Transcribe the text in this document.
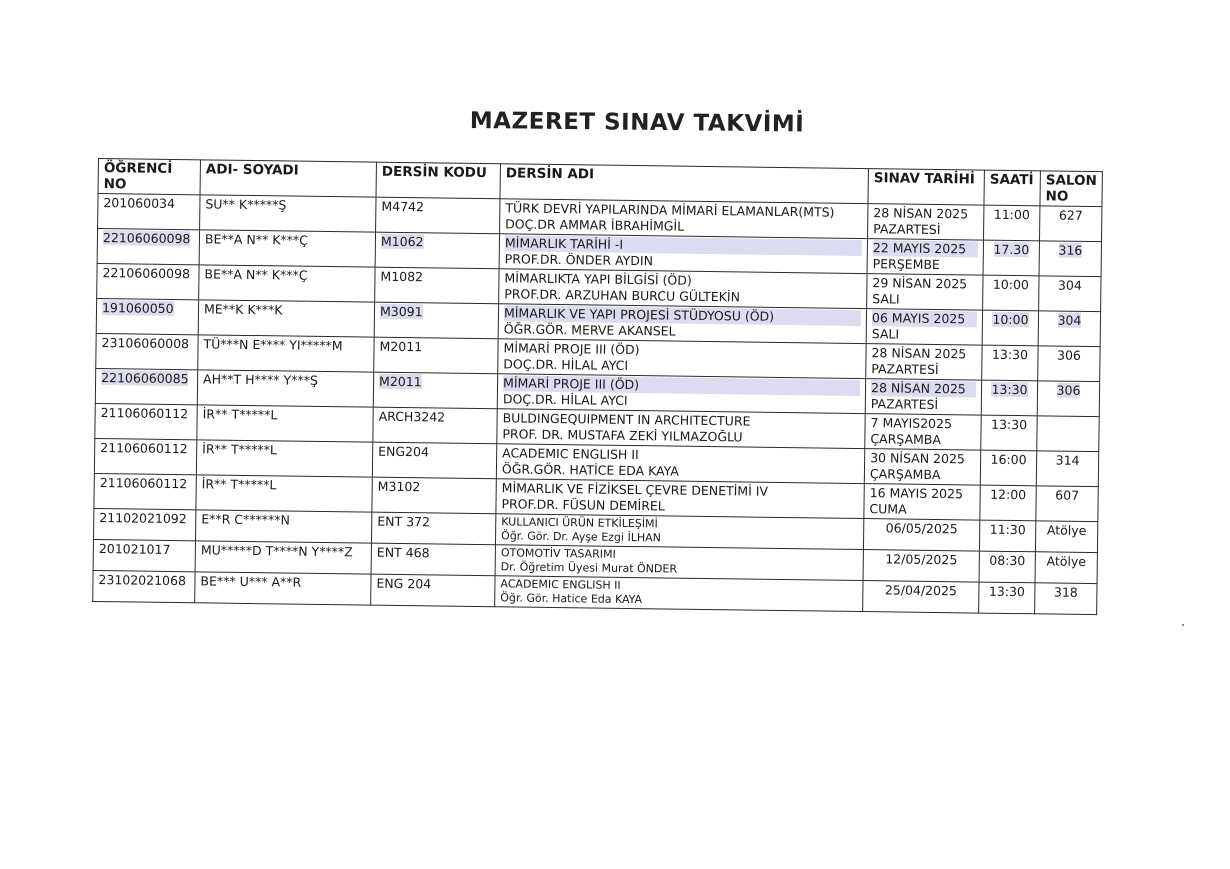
MAZERET SINAV TAKVİMİ
ÖĞRENCİ NO	ADI- SOYADI	DERSİN KODU	DERSİN ADI	SINAV TARİHİ	SAATİ	SALON NO
201060034	SU** K*****Ş	M4742	TÜRK DEVRİ YAPILARINDA MİMARİ ELAMANLAR(MTS)
DOÇ.DR AMMAR İBRAHİMGİL	28 NİSAN 2025
PAZARTESİ	11:00	627
22106060098	BE**A N** K***Ç	M1062	MİMARLIK TARİHİ -I
PROF.DR. ÖNDER AYDIN	22 MAYIS 2025
PERŞEMBE	17.30	316
22106060098	BE**A N** K***Ç	M1082	MİMARLIKTA YAPI BİLGİSİ (ÖD)
PROF.DR. ARZUHAN BURCU GÜLTEKİN	29 NİSAN 2025
SALI	10:00	304
191060050	ME**K K***K	M3091	MİMARLIK VE YAPI PROJESİ STÜDYOSU (ÖD)
ÖĞR.GÖR. MERVE AKANSEL	06 MAYIS 2025
SALI	10:00	304
23106060008	TÜ***N E**** YI*****M	M2011	MİMARİ PROJE III (ÖD)
DOÇ.DR. HİLAL AYCI	28 NİSAN 2025
PAZARTESİ	13:30	306
22106060085	AH**T H**** Y***Ş	M2011	MİMARİ PROJE III (ÖD)
DOÇ.DR. HİLAL AYCI	28 NİSAN 2025
PAZARTESİ	13:30	306
21106060112	İR** T*****L	ARCH3242	BULDINGEQUIPMENT IN ARCHITECTURE
PROF. DR. MUSTAFA ZEKİ YILMAZOĞLU	7 MAYIS2025
ÇARŞAMBA	13:30	
21106060112	İR** T*****L	ENG204	ACADEMIC ENGLISH II
ÖĞR.GÖR. HATİCE EDA KAYA	30 NİSAN 2025
ÇARŞAMBA	16:00	314
21106060112	İR** T*****L	M3102	MİMARLIK VE FİZİKSEL ÇEVRE DENETİMİ IV
PROF.DR. FÜSUN DEMİREL	16 MAYIS 2025
CUMA	12:00	607
21102021092	E**R C******N	ENT 372	KULLANICI ÜRÜN ETKİLEŞİMİ
Öğr. Gör. Dr. Ayşe Ezgi İLHAN	06/05/2025	11:30	Atölye
201021017	MU*****D T****N Y****Z	ENT 468	OTOMOTİV TASARIMI
Dr. Öğretim Üyesi Murat ÖNDER	12/05/2025	08:30	Atölye
23102021068	BE*** U*** A**R	ENG 204	ACADEMIC ENGLISH II
Öğr. Gör. Hatice Eda KAYA	25/04/2025	13:30	318
